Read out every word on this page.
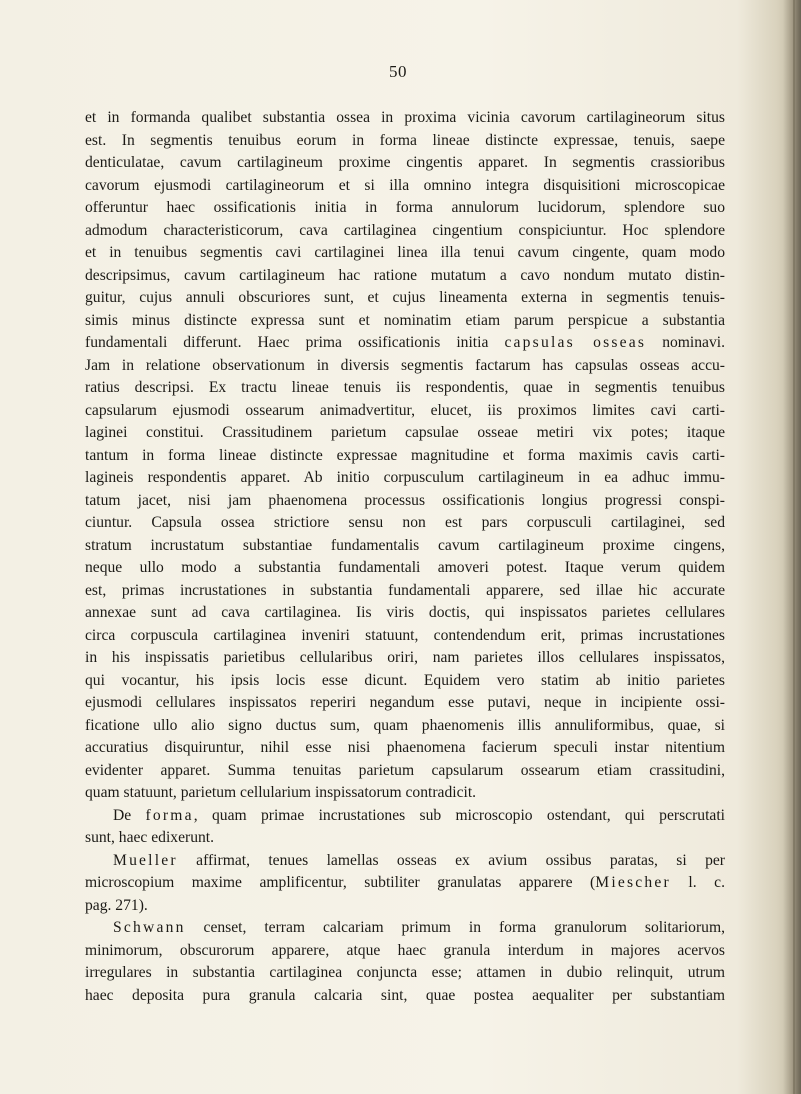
50
et in formanda qualibet substantia ossea in proxima vicinia cavorum cartilagineorum situs
est. In segmentis tenuibus eorum in forma lineae distincte expressae, tenuis, saepe
denticulatae, cavum cartilagineum proxime cingentis apparet. In segmentis crassioribus
cavorum ejusmodi cartilagineorum et si illa omnino integra disquisitioni microscopicae
offeruntur haec ossificationis initia in forma annulorum lucidorum, splendore suo
admodum characteristicorum, cava cartilaginea cingentium conspiciuntur. Hoc splendore
et in tenuibus segmentis cavi cartilaginei linea illa tenui cavum cingente, quam modo
descripsimus, cavum cartilagineum hac ratione mutatum a cavo nondum mutato distin-
guitur, cujus annuli obscuriores sunt, et cujus lineamenta externa in segmentis tenuis-
simis minus distincte expressa sunt et nominatim etiam parum perspicue a substantia
fundamentali differunt. Haec prima ossificationis initia capsulas osseas nominavi.
Jam in relatione observationum in diversis segmentis factarum has capsulas osseas accu-
ratius descripsi. Ex tractu lineae tenuis iis respondentis, quae in segmentis tenuibus
capsularum ejusmodi ossearum animadvertitur, elucet, iis proximos limites cavi carti-
laginei constitui. Crassitudinem parietum capsulae osseae metiri vix potes; itaque
tantum in forma lineae distincte expressae magnitudine et forma maximis cavis carti-
lagineis respondentis apparet. Ab initio corpusculum cartilagineum in ea adhuc immu-
tatum jacet, nisi jam phaenomena processus ossificationis longius progressi conspi-
ciuntur. Capsula ossea strictiore sensu non est pars corpusculi cartilaginei, sed
stratum incrustatum substantiae fundamentalis cavum cartilagineum proxime cingens,
neque ullo modo a substantia fundamentali amoveri potest. Itaque verum quidem
est, primas incrustationes in substantia fundamentali apparere, sed illae hic accurate
annexae sunt ad cava cartilaginea. Iis viris doctis, qui inspissatos parietes cellulares
circa corpuscula cartilaginea inveniri statuunt, contendendum erit, primas incrustationes
in his inspissatis parietibus cellularibus oriri, nam parietes illos cellulares inspissatos,
qui vocantur, his ipsis locis esse dicunt. Equidem vero statim ab initio parietes
ejusmodi cellulares inspissatos reperiri negandum esse putavi, neque in incipiente ossi-
ficatione ullo alio signo ductus sum, quam phaenomenis illis annuliformibus, quae, si
accuratius disquiruntur, nihil esse nisi phaenomena facierum speculi instar nitentium
evidenter apparet. Summa tenuitas parietum capsularum ossearum etiam crassitudini,
quam statuunt, parietum cellularium inspissatorum contradicit.
De forma, quam primae incrustationes sub microscopio ostendant, qui perscrutati
sunt, haec edixerunt.
Mueller affirmat, tenues lamellas osseas ex avium ossibus paratas, si per
microscopium maxime amplificentur, subtiliter granulatas apparere (Miescher l. c.
pag. 271).
Schwann censet, terram calcariam primum in forma granulorum solitariorum,
minimorum, obscurorum apparere, atque haec granula interdum in majores acervos
irregulares in substantia cartilaginea conjuncta esse; attamen in dubio relinquit, utrum
haec deposita pura granula calcaria sint, quae postea aequaliter per substantiam
